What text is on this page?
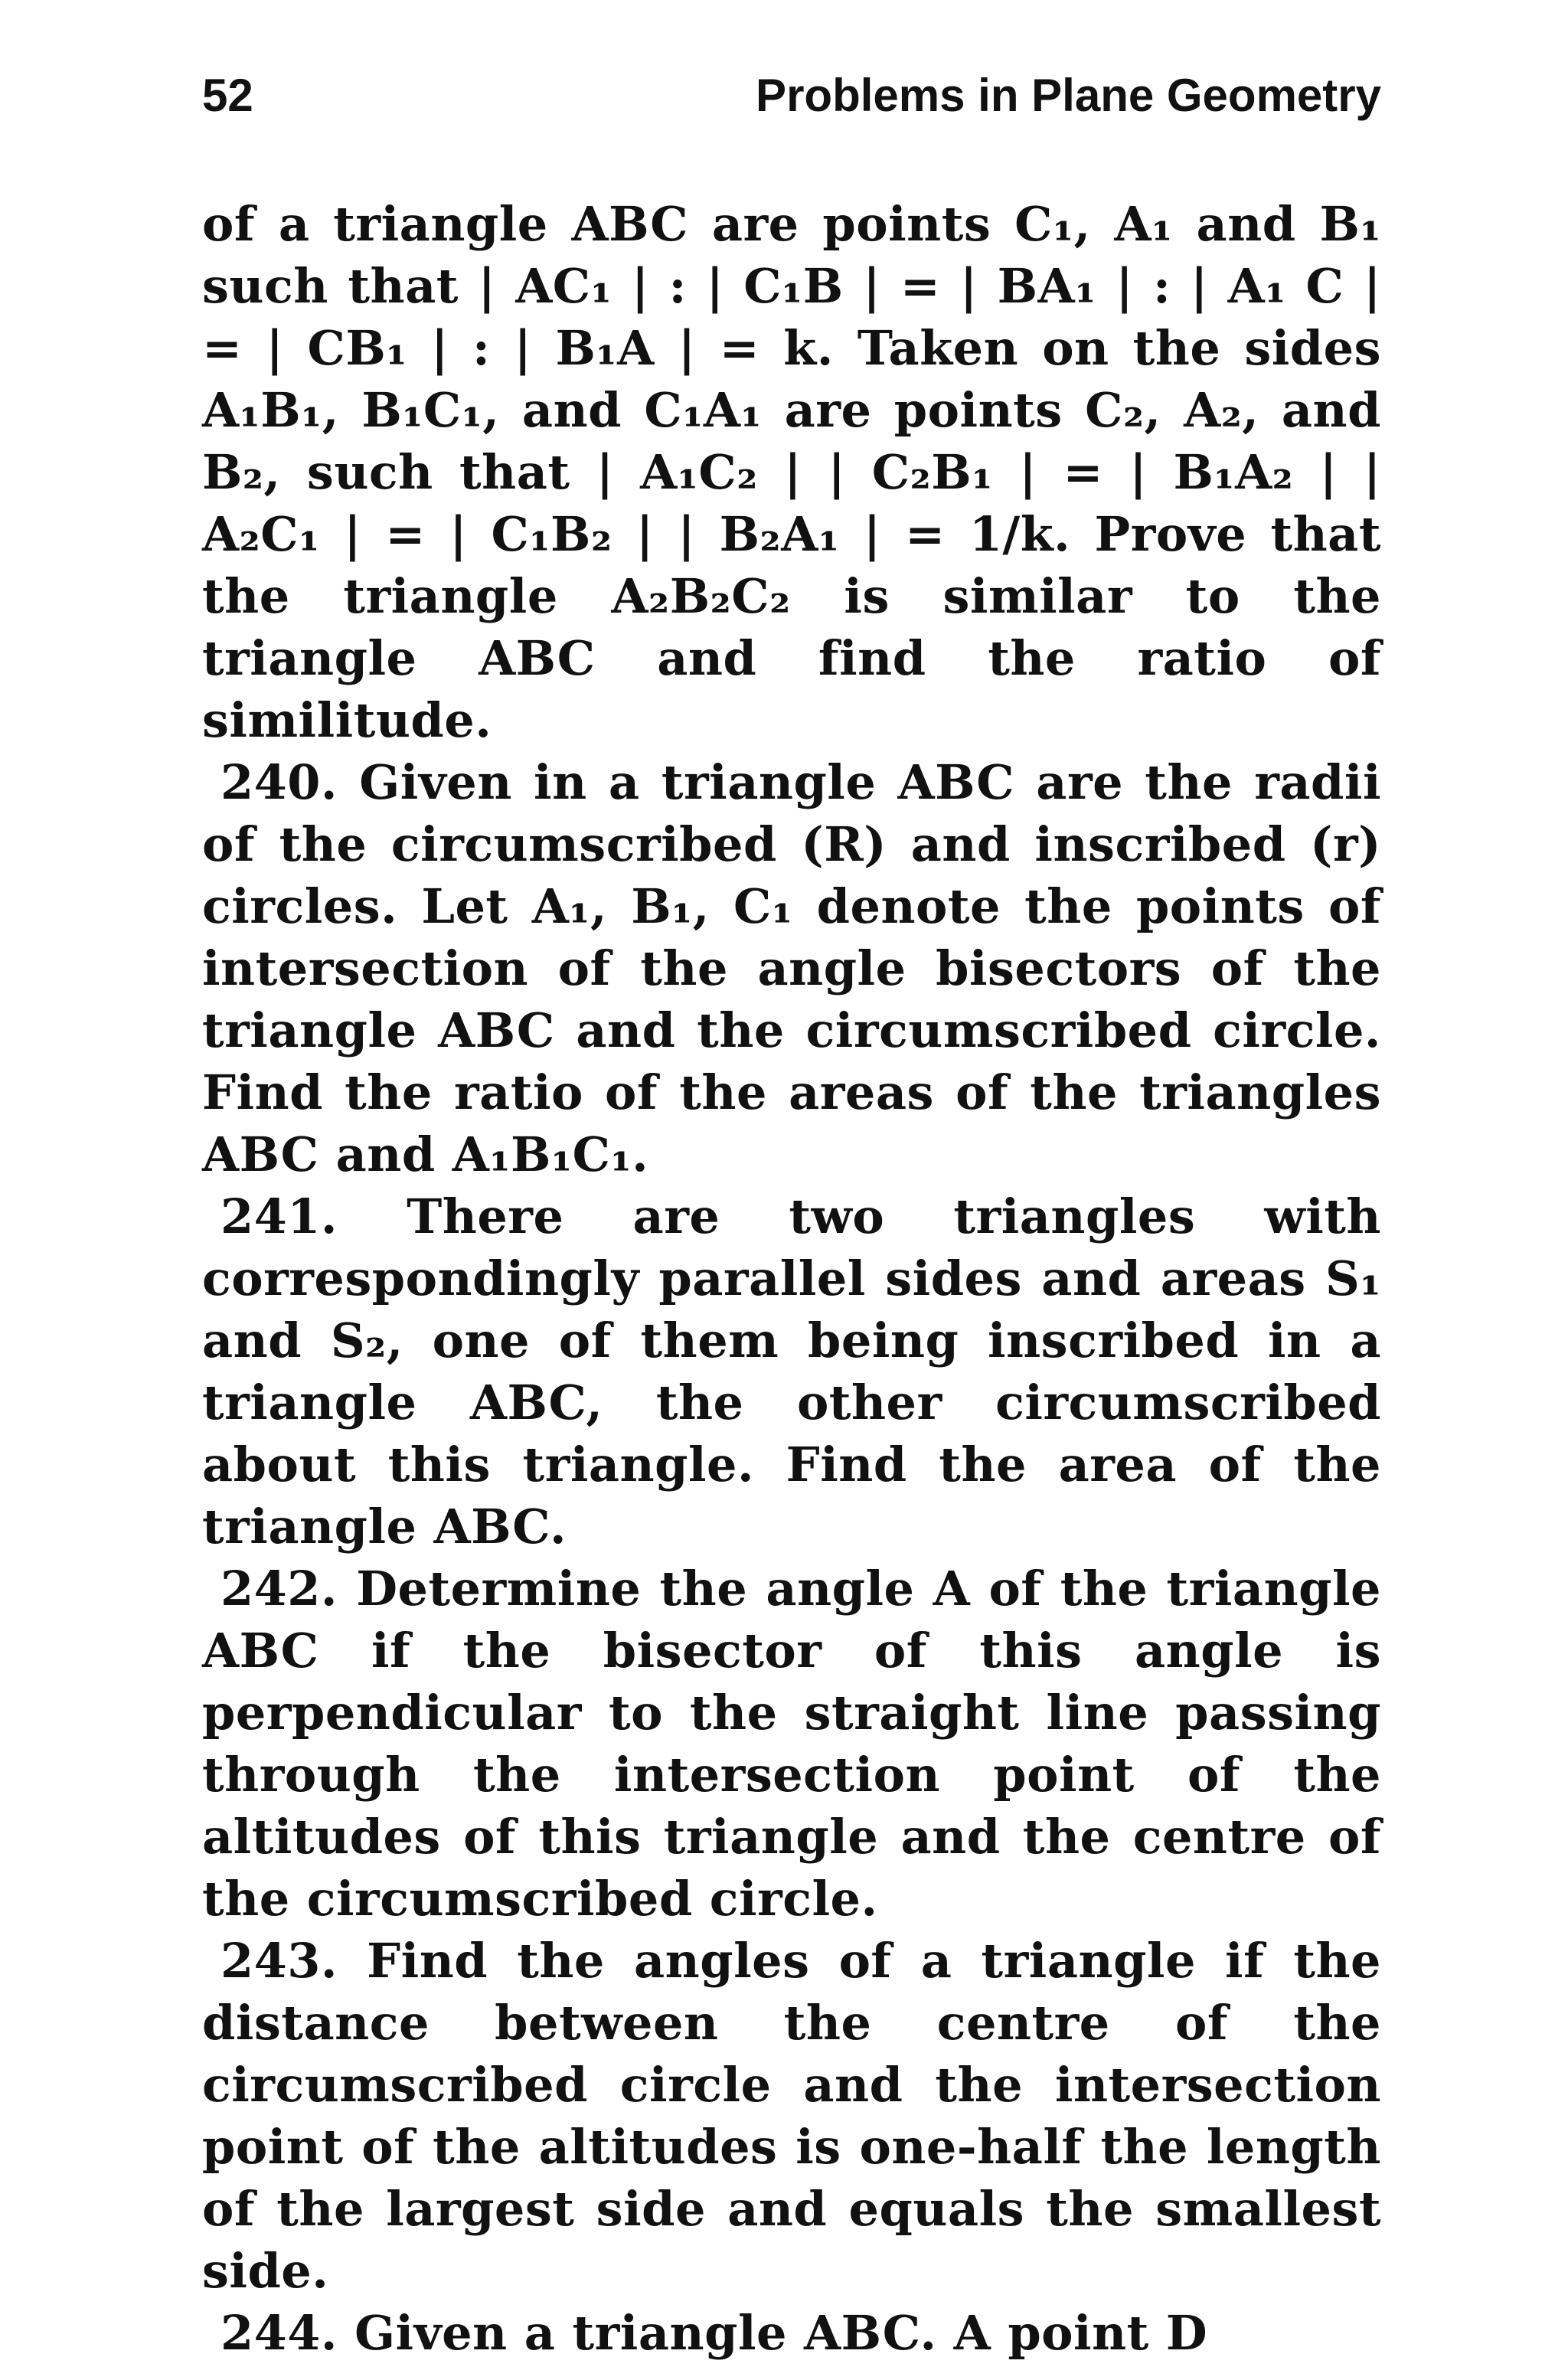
52	Problems in Plane Geometry

of a triangle ABC are points C₁, A₁ and B₁ such that | AC₁ | : | C₁B | = | BA₁ | : | A₁ C | = | CB₁ | : | B₁A | = k. Taken on the sides A₁B₁, B₁C₁, and C₁A₁ are points C₂, A₂, and B₂, such that | A₁C₂ | | C₂B₁ | = | B₁A₂ | | A₂C₁ | = | C₁B₂ | | B₂A₁ | = 1/k. Prove that the triangle A₂B₂C₂ is similar to the triangle ABC and find the ratio of similitude.

240. Given in a triangle ABC are the radii of the circumscribed (R) and inscribed (r) circles. Let A₁, B₁, C₁ denote the points of intersection of the angle bisectors of the triangle ABC and the circumscribed circle. Find the ratio of the areas of the triangles ABC and A₁B₁C₁.

241. There are two triangles with correspondingly parallel sides and areas S₁ and S₂, one of them being inscribed in a triangle ABC, the other circumscribed about this triangle. Find the area of the triangle ABC.

242. Determine the angle A of the triangle ABC if the bisector of this angle is perpendicular to the straight line passing through the intersection point of the altitudes of this triangle and the centre of the circumscribed circle.

243. Find the angles of a triangle if the distance between the centre of the circumscribed circle and the intersection point of the altitudes is one-half the length of the largest side and equals the smallest side.

244. Given a triangle ABC. A point D
